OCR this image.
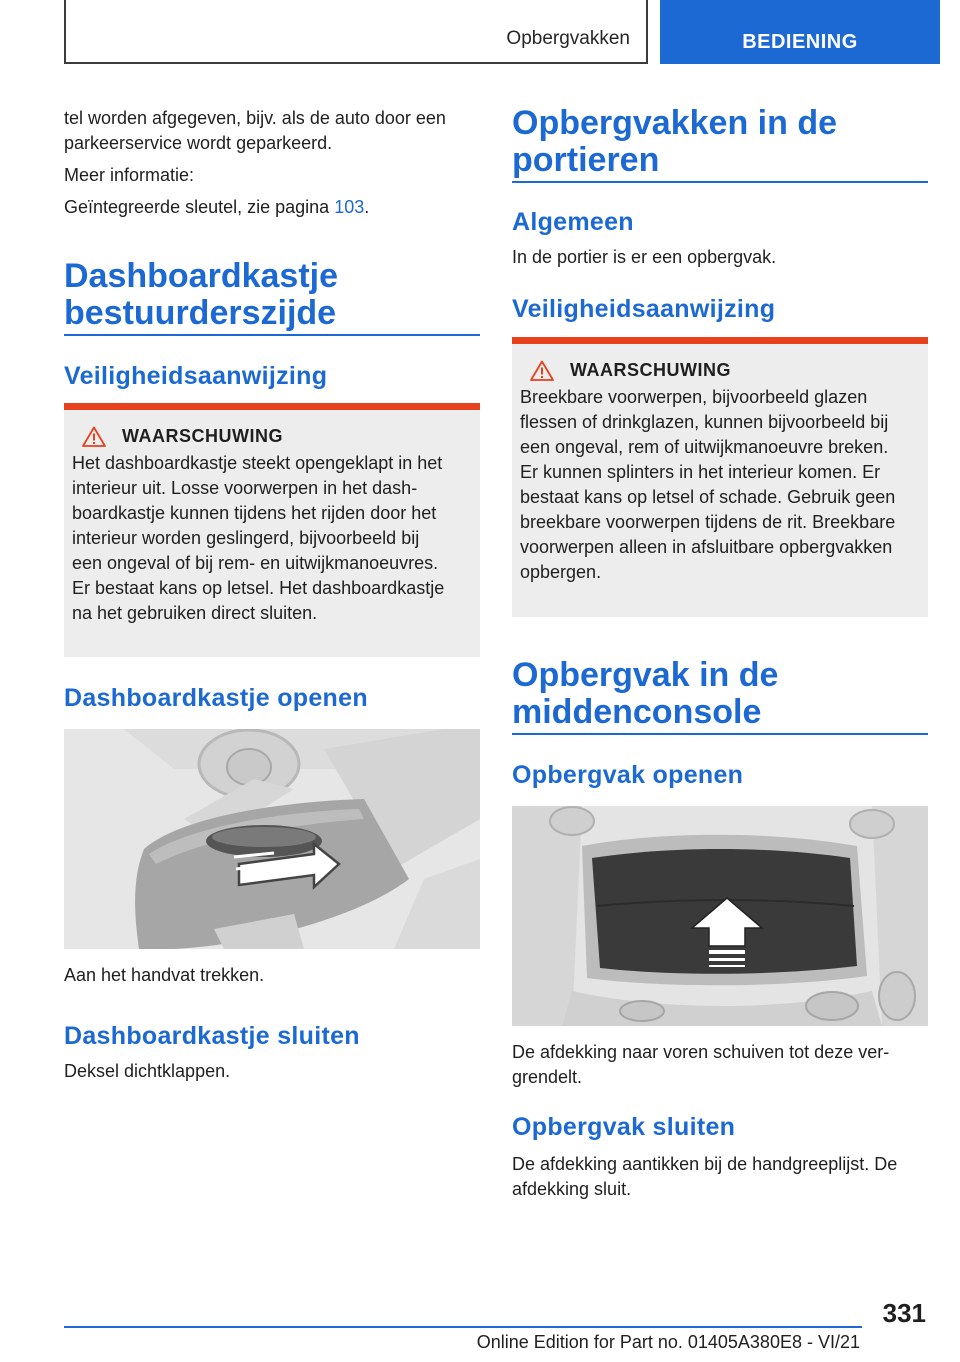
Opbergvakken	BEDIENING

tel worden afgegeven, bijv. als de auto door een

parkeerservice wordt geparkeerd.

Meer informatie:

Geïntegreerde sleutel, zie pagina 103.

Dashboardkastje
bestuurderszijde
Veiligheidsaanwijzing
WAARSCHUWING

Het dashboardkastje steekt opengeklapt in het

interieur uit. Losse voorwerpen in het dash-

boardkastje kunnen tijdens het rijden door het

interieur worden geslingerd, bijvoorbeeld bij

een ongeval of bij rem- en uitwijkmanoeuvres.

Er bestaat kans op letsel. Het dashboardkastje

na het gebruiken direct sluiten.

Dashboardkastje openen

Aan het handvat trekken.

Dashboardkastje sluiten

Deksel dichtklappen.

Opbergvakken in de
portieren
Algemeen

In de portier is er een opbergvak.

Veiligheidsaanwijzing
WAARSCHUWING

Breekbare voorwerpen, bijvoorbeeld glazen

flessen of drinkglazen, kunnen bijvoorbeeld bij

een ongeval, rem of uitwijkmanoeuvre breken.

Er kunnen splinters in het interieur komen. Er

bestaat kans op letsel of schade. Gebruik geen

breekbare voorwerpen tijdens de rit. Breekbare

voorwerpen alleen in afsluitbare opbergvakken

opbergen.

Opbergvak in de
middenconsole
Opbergvak openen

De afdekking naar voren schuiven tot deze ver-

grendelt.

Opbergvak sluiten

De afdekking aantikken bij de handgreeplijst. De

afdekking sluit.

331
Online Edition for Part no. 01405A380E8 - VI/21
